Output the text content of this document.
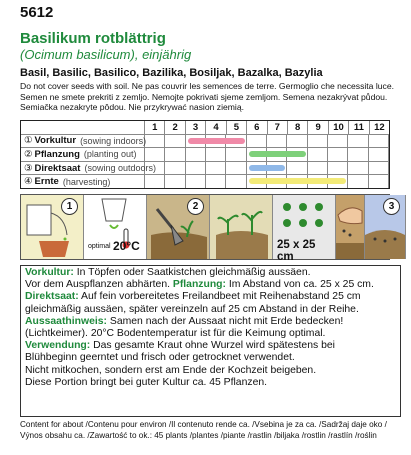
5612
Basilikum rotblättrig
(Ocimum basilicum), einjährig
Basil, Basilic, Basilico, Bazilika, Bosiljak, Bazalka, Bazylia
Do not cover seeds with soil. Ne pas couvrir les semences de terre. Germoglio che necessita luce.
Semen ne smete prekriti z zemljo. Nemojte pokrivati sjeme zemljom. Semena nezakrývat půdou.
Semiačka nezakryte pôdou. Nie przykrywać nasion ziemią.
1	2	3	4	5	6	7	8	9	10	11	12
① Vorkultur (sowing indoors)
② Pflanzung (planting out)
③ Direktsaat (sowing outdoors)
④ Ernte (harvesting)
1
optimal 20°C
2
25 x 25 cm
3
Vorkultur: In Töpfen oder Saatkistchen gleichmäßig aussäen.
Vor dem Auspflanzen abhärten. Pflanzung: Im Abstand von ca. 25 x 25 cm.
Direktsaat: Auf fein vorbereitetes Freilandbeet mit Reihenabstand 25 cm
gleichmäßig aussäen, später vereinzeln auf 25 cm Abstand in der Reihe.
Aussaathinweis: Samen nach der Aussaat nicht mit Erde bedecken!
(Lichtkeimer). 20°C Bodentemperatur ist für die Keimung optimal.
Verwendung: Das gesamte Kraut ohne Wurzel wird spätestens bei
Blühbeginn geerntet und frisch oder getrocknet verwendet.
Nicht mitkochen, sondern erst am Ende der Kochzeit beigeben.
Diese Portion bringt bei guter Kultur ca. 45 Pflanzen.
Content for about /Contenu pour environ /Il contenuto rende ca. /Vsebina je za ca. /Sadržaj daje oko /
Výnos obsahu ca. /Zawartość to ok.: 45 plants /plantes /piante /rastlin /biljaka /rostlin /rastlín /roślin
